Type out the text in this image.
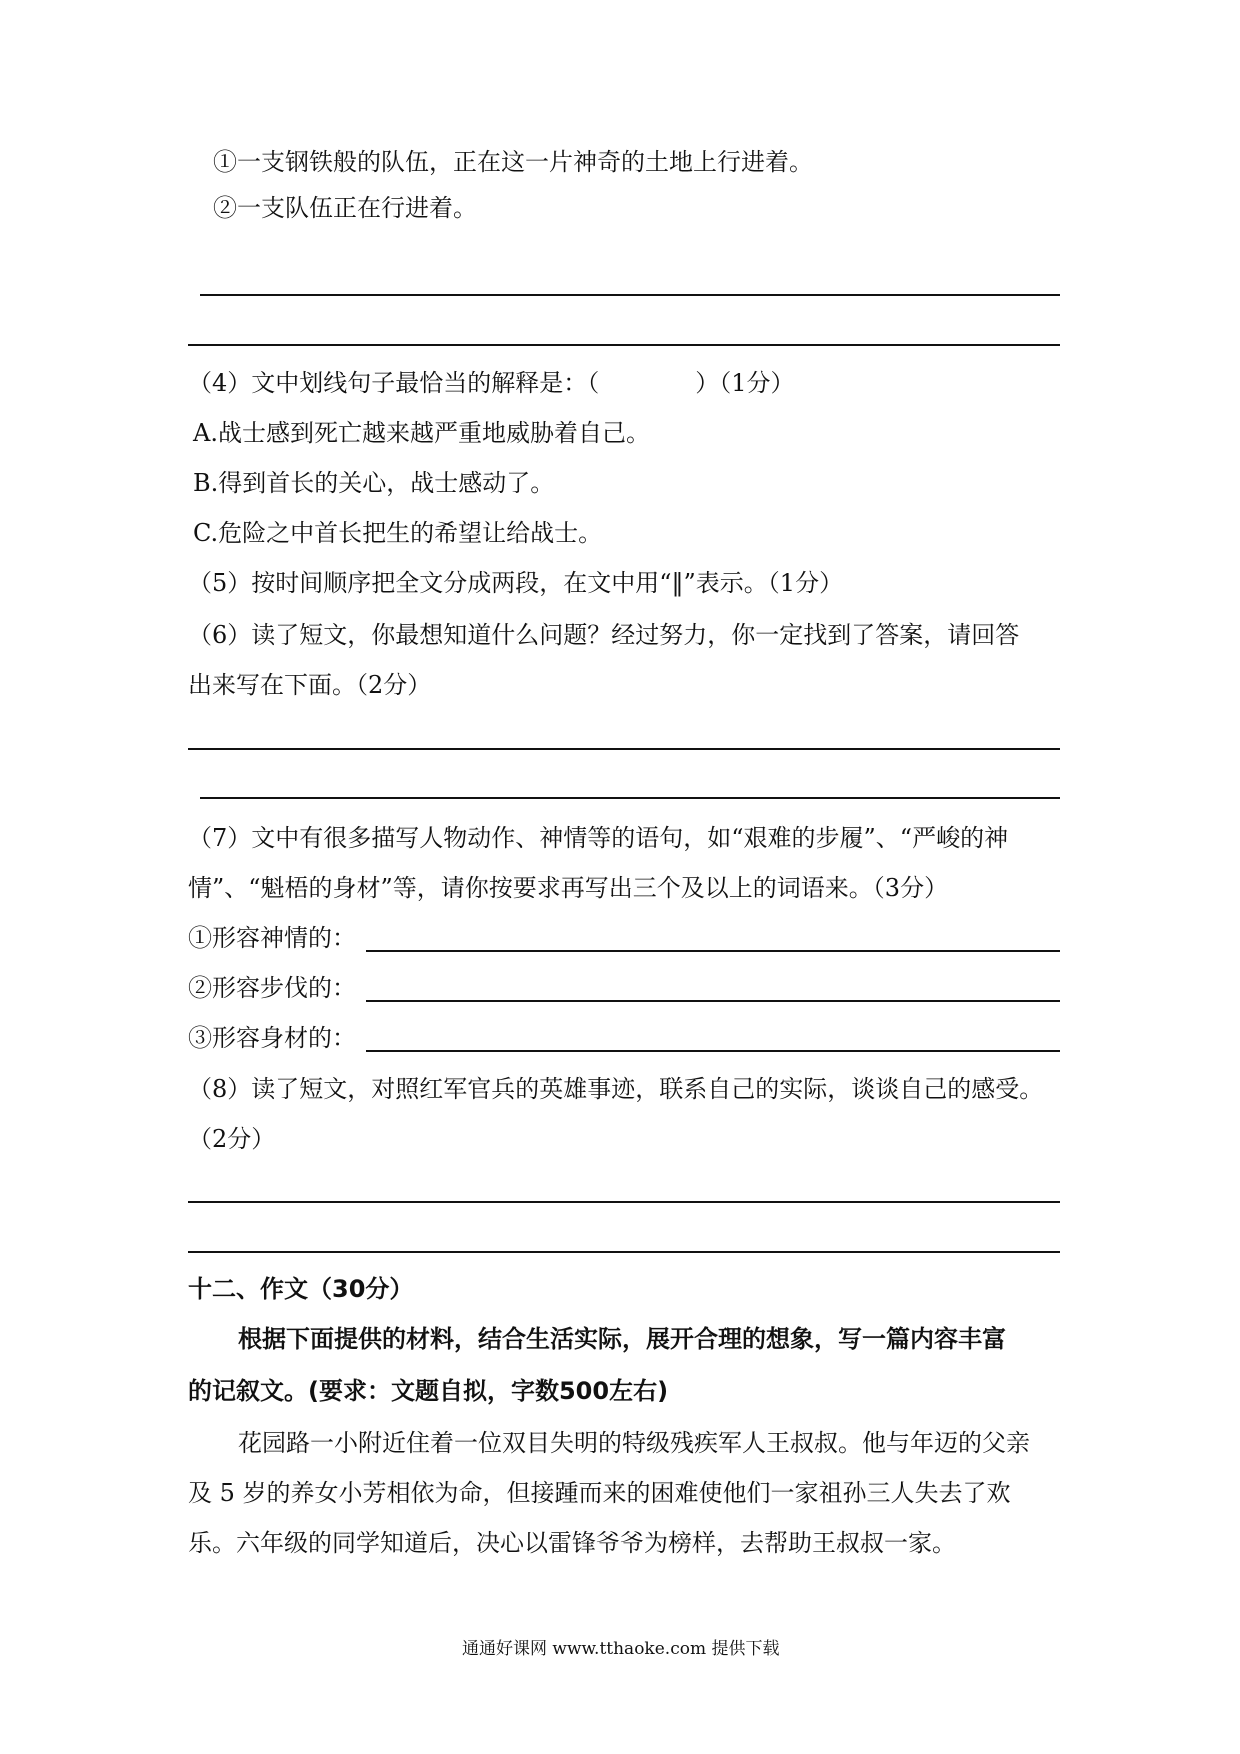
①一支钢铁般的队伍，正在这一片神奇的土地上行进着。
②一支队伍正在行进着。
（4）文中划线句子最恰当的解释是：（　　　　）（1分）
A.战士感到死亡越来越严重地威胁着自己。
B.得到首长的关心，战士感动了。
C.危险之中首长把生的希望让给战士。
（5）按时间顺序把全文分成两段，在文中用“‖”表示。（1分）
（6）读了短文，你最想知道什么问题？经过努力，你一定找到了答案，请回答
出来写在下面。（2分）
（7）文中有很多描写人物动作、神情等的语句，如“艰难的步履”、“严峻的神
情”、“魁梧的身材”等，请你按要求再写出三个及以上的词语来。（3分）
①形容神情的：
②形容步伐的：
③形容身材的：
（8）读了短文，对照红军官兵的英雄事迹，联系自己的实际，谈谈自己的感受。
（2分）
十二、作文（30分）
根据下面提供的材料，结合生活实际，展开合理的想象，写一篇内容丰富
的记叙文。(要求：文题自拟，字数500左右)
花园路一小附近住着一位双目失明的特级残疾军人王叔叔。他与年迈的父亲
及 5 岁的养女小芳相依为命，但接踵而来的困难使他们一家祖孙三人失去了欢
乐。六年级的同学知道后，决心以雷锋爷爷为榜样，去帮助王叔叔一家。
通通好课网 www.tthaoke.com 提供下载
